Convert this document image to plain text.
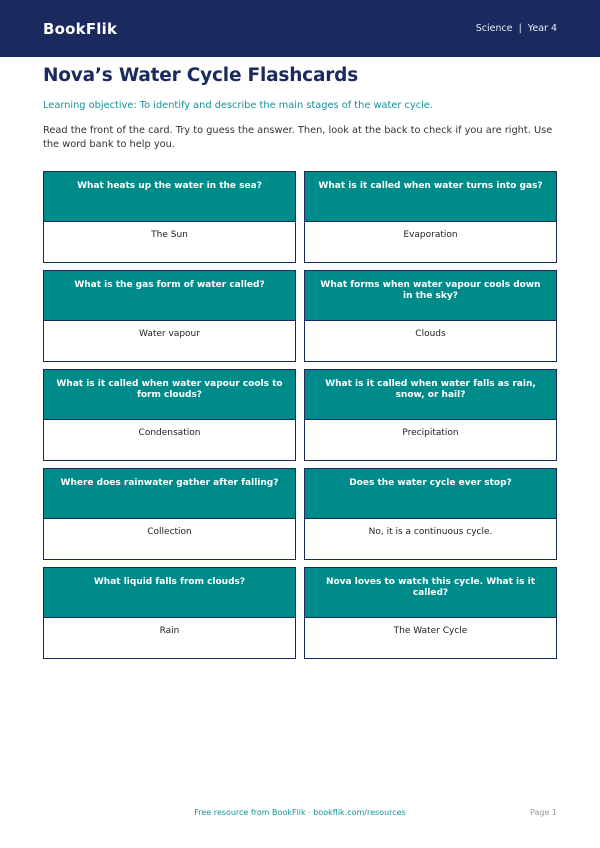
BookFlik	Science  |  Year 4
Nova’s Water Cycle Flashcards

Learning objective: To identify and describe the main stages of the water cycle.

Read the front of the card. Try to guess the answer. Then, look at the back to check if you are right. Use the word bank to help you.

What heats up the water in the sea?
The Sun
What is it called when water turns into gas?
Evaporation
What is the gas form of water called?
Water vapour
What forms when water vapour cools down in the sky?
Clouds
What is it called when water vapour cools to form clouds?
Condensation
What is it called when water falls as rain, snow, or hail?
Precipitation
Where does rainwater gather after falling?
Collection
Does the water cycle ever stop?
No, it is a continuous cycle.
What liquid falls from clouds?
Rain
Nova loves to watch this cycle. What is it called?
The Water Cycle
Free resource from BookFlik · bookflik.com/resources	Page 1
